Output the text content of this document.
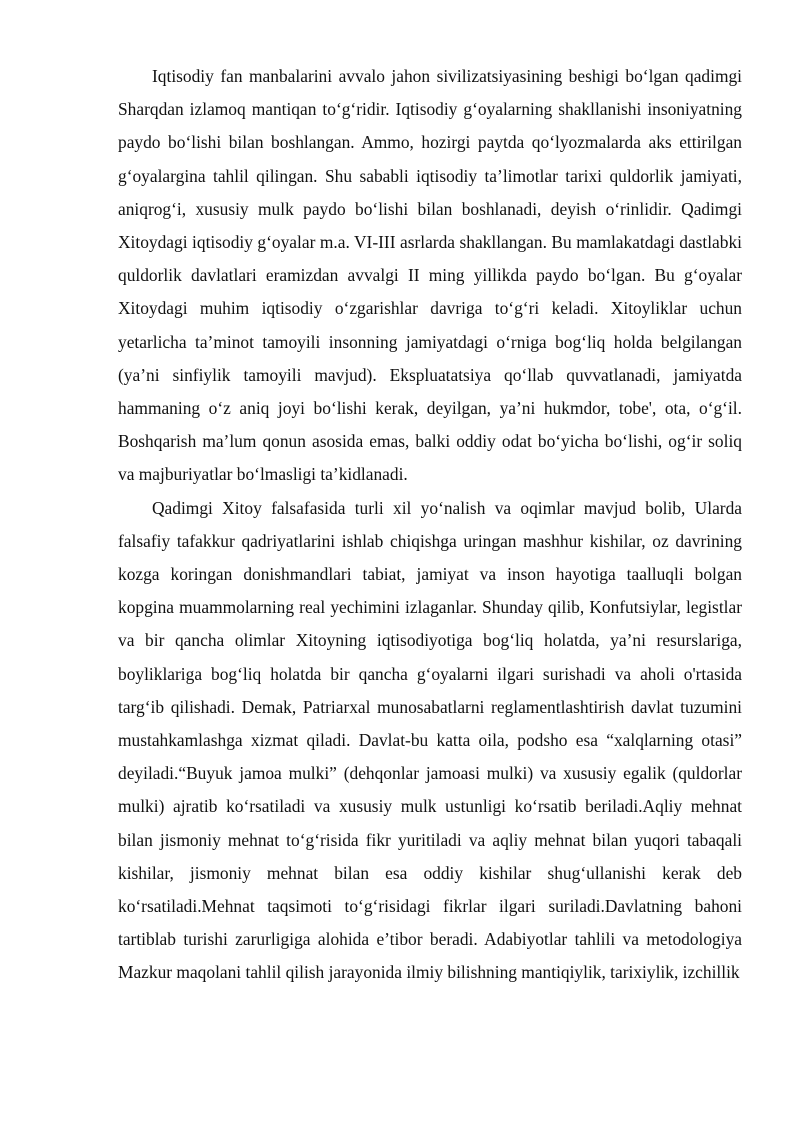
Iqtisodiy fan manbalarini avvalo jahon sivilizatsiyasining beshigi bo‘lgan qadimgi Sharqdan izlamoq mantiqan to‘g‘ridir. Iqtisodiy g‘oyalarning shakllanishi insoniyatning paydo bo‘lishi bilan boshlangan. Ammo, hozirgi paytda qo‘lyozmalarda aks ettirilgan g‘oyalargina tahlil qilingan. Shu sababli iqtisodiy ta’limotlar tarixi quldorlik jamiyati, aniqrog‘i, xususiy mulk paydo bo‘lishi bilan boshlanadi, deyish o‘rinlidir. Qadimgi Xitoydagi iqtisodiy g‘oyalar m.a. VI-III asrlarda shakllangan. Bu mamlakatdagi dastlabki quldorlik davlatlari eramizdan avvalgi II ming yillikda paydo bo‘lgan. Bu g‘oyalar Xitoydagi muhim iqtisodiy o‘zgarishlar davriga to‘g‘ri keladi. Xitoyliklar uchun yetarlicha ta’minot tamoyili insonning jamiyatdagi o‘rniga bog‘liq holda belgilangan (ya’ni sinfiylik tamoyili mavjud). Ekspluatatsiya qo‘llab quvvatlanadi, jamiyatda hammaning o‘z aniq joyi bo‘lishi kerak, deyilgan, ya’ni hukmdor, tobe', ota, o‘g‘il. Boshqarish ma’lum qonun asosida emas, balki oddiy odat bo‘yicha bo‘lishi, og‘ir soliq va majburiyatlar bo‘lmasligi ta’kidlanadi.

Qadimgi Xitoy falsafasida turli xil yo‘nalish va oqimlar mavjud bolib, Ularda falsafiy tafakkur qadriyatlarini ishlab chiqishga uringan mashhur kishilar, oz davrining kozga koringan donishmandlari tabiat, jamiyat va inson hayotiga taalluqli bolgan kopgina muammolarning real yechimini izlaganlar. Shunday qilib, Konfutsiylar, legistlar va bir qancha olimlar Xitoyning iqtisodiyotiga bog‘liq holatda, ya’ni resurslariga, boyliklariga bog‘liq holatda bir qancha g‘oyalarni ilgari surishadi va aholi o'rtasida targ‘ib qilishadi. Demak, Patriarxal munosabatlarni reglamentlashtirish davlat tuzumini mustahkamlashga xizmat qiladi. Davlat-bu katta oila, podsho esa “xalqlarning otasi” deyiladi.“Buyuk jamoa mulki” (dehqonlar jamoasi mulki) va xususiy egalik (quldorlar mulki) ajratib ko‘rsatiladi va xususiy mulk ustunligi ko‘rsatib beriladi.Aqliy mehnat bilan jismoniy mehnat to‘g‘risida fikr yuritiladi va aqliy mehnat bilan yuqori tabaqali kishilar, jismoniy mehnat bilan esa oddiy kishilar shug‘ullanishi kerak deb ko‘rsatiladi.Mehnat taqsimoti to‘g‘risidagi fikrlar ilgari suriladi.Davlatning bahoni tartiblab turishi zarurligiga alohida e’tibor beradi. Adabiyotlar tahlili va metodologiya Mazkur maqolani tahlil qilish jarayonida ilmiy bilishning mantiqiylik, tarixiylik, izchillik
